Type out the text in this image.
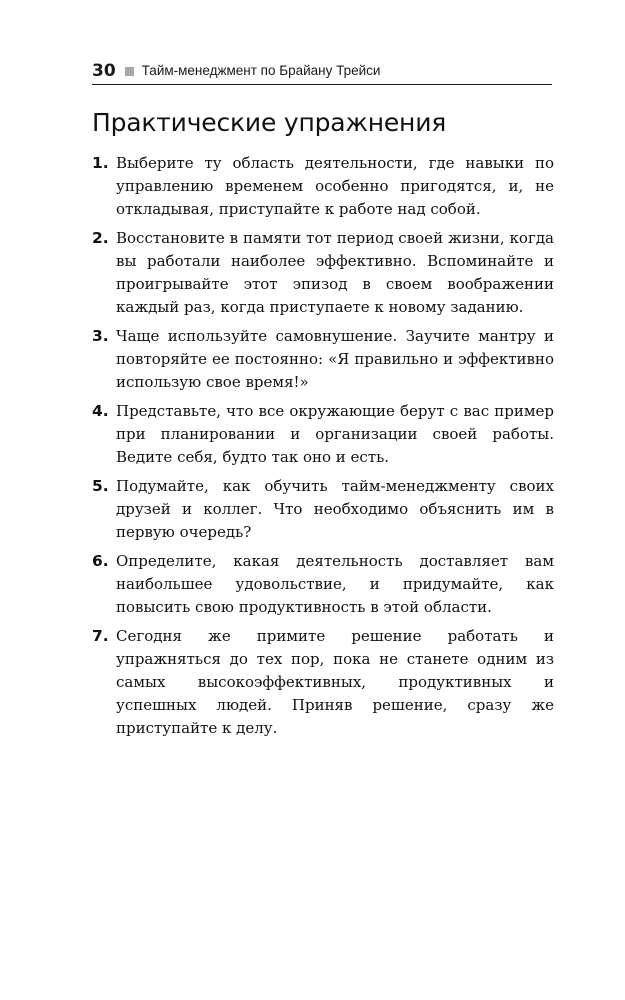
30 Тайм-менеджмент по Брайану Трейси
Практические упражнения
1. Выберите ту область деятельности, где навыки по управлению временем особенно пригодятся, и, не откладывая, приступайте к работе над собой.
2. Восстановите в памяти тот период своей жизни, когда вы работали наиболее эффективно. Вспоминайте и проигрывайте этот эпизод в своем воображении каждый раз, когда приступаете к новому заданию.
3. Чаще используйте самовнушение. Заучите мантру и повторяйте ее постоянно: «Я правильно и эффективно использую свое время!»
4. Представьте, что все окружающие берут с вас пример при планировании и организации своей работы. Ведите себя, будто так оно и есть.
5. Подумайте, как обучить тайм-менеджменту своих друзей и коллег. Что необходимо объяснить им в первую очередь?
6. Определите, какая деятельность доставляет вам наибольшее удовольствие, и придумайте, как повысить свою продуктивность в этой области.
7. Сегодня же примите решение работать и упражняться до тех пор, пока не станете одним из самых высокоэффективных, продуктивных и успешных людей. Приняв решение, сразу же приступайте к делу.
